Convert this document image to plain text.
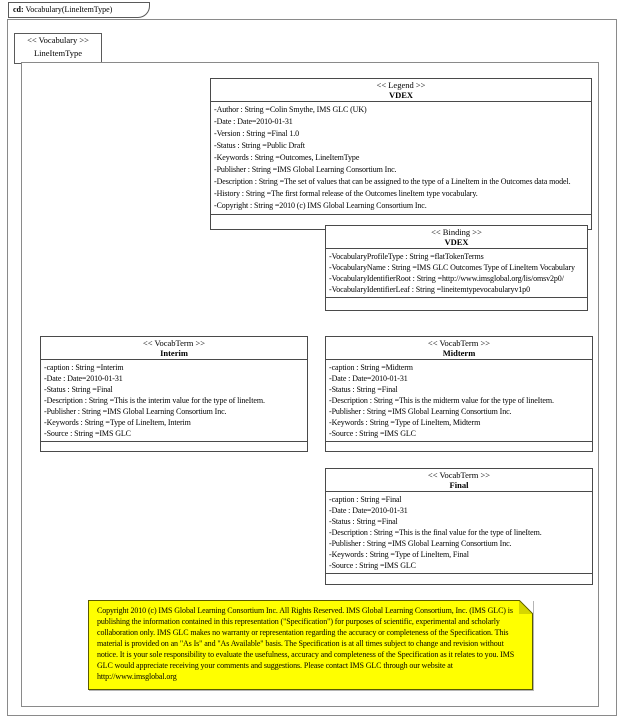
cd: Vocabulary(LineItemType)
<< Vocabulary >>
LineItemType
<< Legend >>
VDEX
-Author : String =Colin Smythe, IMS GLC (UK)
-Date : Date=2010-01-31
-Version : String =Final 1.0
-Status : String =Public Draft
-Keywords : String =Outcomes, LineItemType
-Publisher : String =IMS Global Learning Consortium Inc.
-Description : String =The set of values that can be assigned to the type of a LineItem in the Outcomes data model.
-History : String =The first formal release of the Outcomes lineItem type vocabulary.
-Copyright : String =2010 (c) IMS Global Learning Consortium Inc.
<< Binding >>
VDEX
-VocabularyProfileType : String =flatTokenTerms
-VocabularyName : String =IMS GLC Outcomes Type of LineItem Vocabulary
-VocabularyIdentifierRoot : String =http://www.imsglobal.org/lis/omsv2p0/
-VocabularyIdentifierLeaf : String =lineitemtypevocabularyv1p0
<< VocabTerm >>
Interim
-caption : String =Interim
-Date : Date=2010-01-31
-Status : String =Final
-Description : String =This is the interim value for the type of lineItem.
-Publisher : String =IMS Global Learning Consortium Inc.
-Keywords : String =Type of LineItem, Interim
-Source : String =IMS GLC
<< VocabTerm >>
Midterm
-caption : String =Midterm
-Date : Date=2010-01-31
-Status : String =Final
-Description : String =This is the midterm value for the type of lineItem.
-Publisher : String =IMS Global Learning Consortium Inc.
-Keywords : String =Type of LineItem, Midterm
-Source : String =IMS GLC
<< VocabTerm >>
Final
-caption : String =Final
-Date : Date=2010-01-31
-Status : String =Final
-Description : String =This is the final value for the type of lineItem.
-Publisher : String =IMS Global Learning Consortium Inc.
-Keywords : String =Type of LineItem, Final
-Source : String =IMS GLC
Copyright 2010 (c) IMS Global Learning Consortium Inc. All Rights Reserved. IMS Global Learning Consortium, Inc. (IMS GLC) is publishing the information contained in this representation ("Specification") for purposes of scientific, experimental and scholarly collaboration only. IMS GLC makes no warranty or representation regarding the accuracy or completeness of the Specification. This material is provided on an "As Is" and "As Available" basis. The Specification is at all times subject to change and revision without notice. It is your sole responsibility to evaluate the usefulness, accuracy and completeness of the Specification as it relates to you. IMS GLC would appreciate receiving your comments and suggestions. Please contact IMS GLC through our website at http://www.imsglobal.org
